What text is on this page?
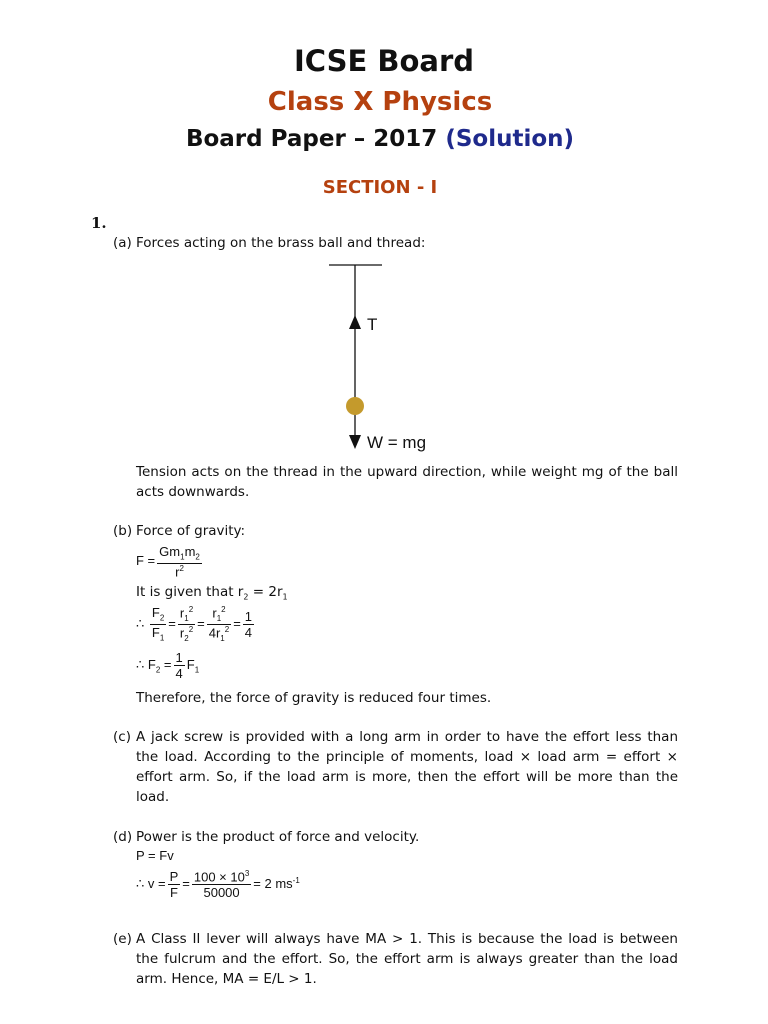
ICSE Board
Class X Physics
Board Paper – 2017 (Solution)
SECTION - I
1.
(a) Forces acting on the brass ball and thread:
T
W = mg
Tension acts on the thread in the upward direction, while weight mg of the ball acts downwards.
(b) Force of gravity:
$F = \frac{Gm_1m_2}{r^2}$
It is given that $r_2 = 2r_1$
∴ $\frac{F_2}{F_1} = \frac{r_1^2}{r_2^2} = \frac{r_1^2}{4r_1^2} = \frac{1}{4}$
∴ $F_2 = \frac{1}{4} F_1$
Therefore, the force of gravity is reduced four times.
(c) A jack screw is provided with a long arm in order to have the effort less than the load. According to the principle of moments, load × load arm = effort × effort arm. So, if the load arm is more, then the effort will be more than the load.
(d) Power is the product of force and velocity.
P = Fv
∴ $v = \frac{P}{F} = \frac{100 \times 10^3}{50000} = 2$ $ms^{-1}$
(e) A Class II lever will always have MA > 1. This is because the load is between the fulcrum and the effort. So, the effort arm is always greater than the load arm. Hence, MA = E/L > 1.
